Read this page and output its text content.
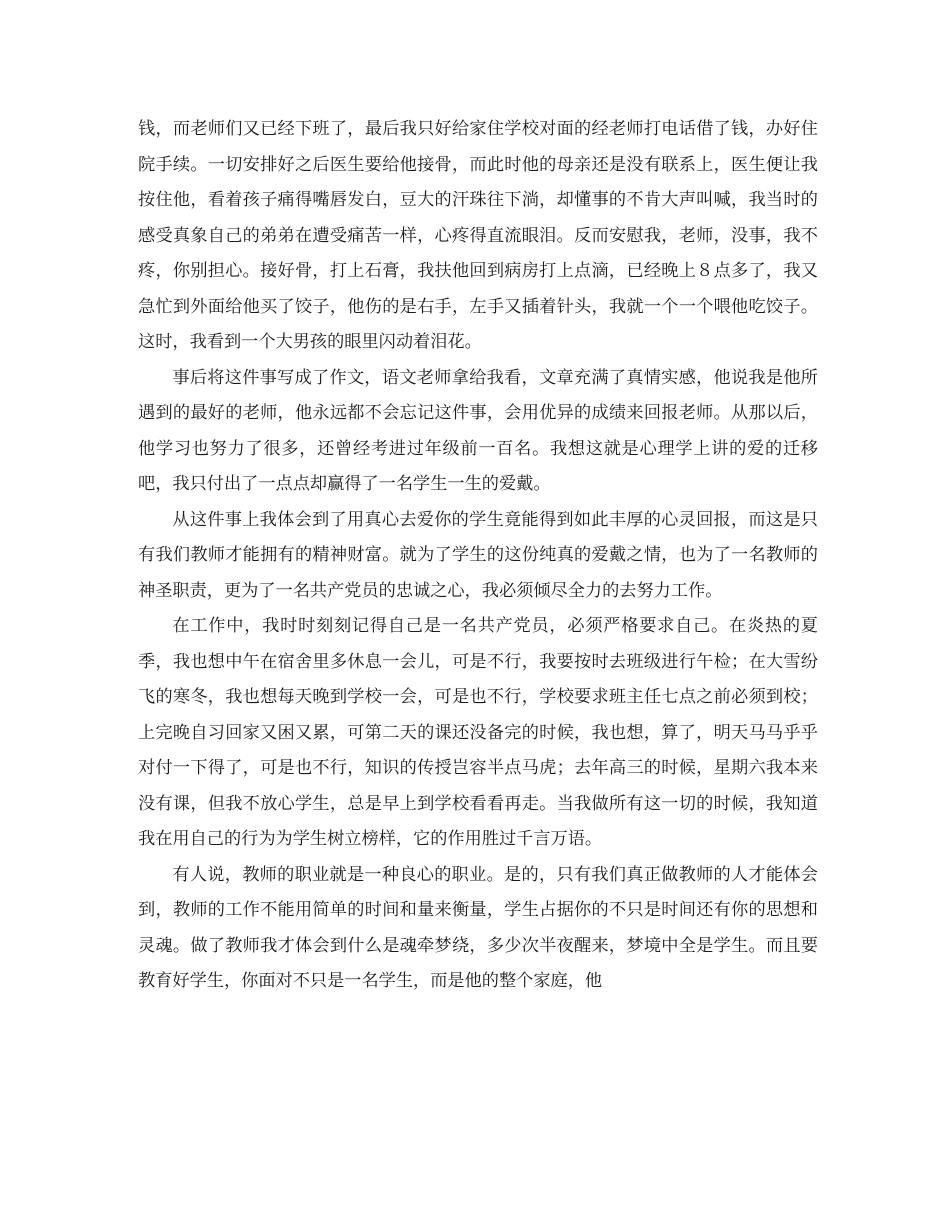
钱，而老师们又已经下班了，最后我只好给家住学校对面的经老师打电话借了钱，办好住院手续。一切安排好之后医生要给他接骨，而此时他的母亲还是没有联系上，医生便让我按住他，看着孩子痛得嘴唇发白，豆大的汗珠往下淌，却懂事的不肯大声叫喊，我当时的感受真象自己的弟弟在遭受痛苦一样，心疼得直流眼泪。反而安慰我，老师，没事，我不疼，你别担心。接好骨，打上石膏，我扶他回到病房打上点滴，已经晚上８点多了，我又急忙到外面给他买了饺子，他伤的是右手，左手又插着针头，我就一个一个喂他吃饺子。这时，我看到一个大男孩的眼里闪动着泪花。

事后将这件事写成了作文，语文老师拿给我看，文章充满了真情实感，他说我是他所遇到的最好的老师，他永远都不会忘记这件事，会用优异的成绩来回报老师。从那以后，他学习也努力了很多，还曾经考进过年级前一百名。我想这就是心理学上讲的爱的迁移吧，我只付出了一点点却赢得了一名学生一生的爱戴。

从这件事上我体会到了用真心去爱你的学生竟能得到如此丰厚的心灵回报，而这是只有我们教师才能拥有的精神财富。就为了学生的这份纯真的爱戴之情，也为了一名教师的神圣职责，更为了一名共产党员的忠诚之心，我必须倾尽全力的去努力工作。

在工作中，我时时刻刻记得自己是一名共产党员，必须严格要求自己。在炎热的夏季，我也想中午在宿舍里多休息一会儿，可是不行，我要按时去班级进行午检；在大雪纷飞的寒冬，我也想每天晚到学校一会，可是也不行，学校要求班主任七点之前必须到校；上完晚自习回家又困又累，可第二天的课还没备完的时候，我也想，算了，明天马马乎乎对付一下得了，可是也不行，知识的传授岂容半点马虎；去年高三的时候，星期六我本来没有课，但我不放心学生，总是早上到学校看看再走。当我做所有这一切的时候，我知道我在用自己的行为为学生树立榜样，它的作用胜过千言万语。

有人说，教师的职业就是一种良心的职业。是的，只有我们真正做教师的人才能体会到，教师的工作不能用简单的时间和量来衡量，学生占据你的不只是时间还有你的思想和灵魂。做了教师我才体会到什么是魂牵梦绕，多少次半夜醒来，梦境中全是学生。而且要教育好学生，你面对不只是一名学生，而是他的整个家庭，他
